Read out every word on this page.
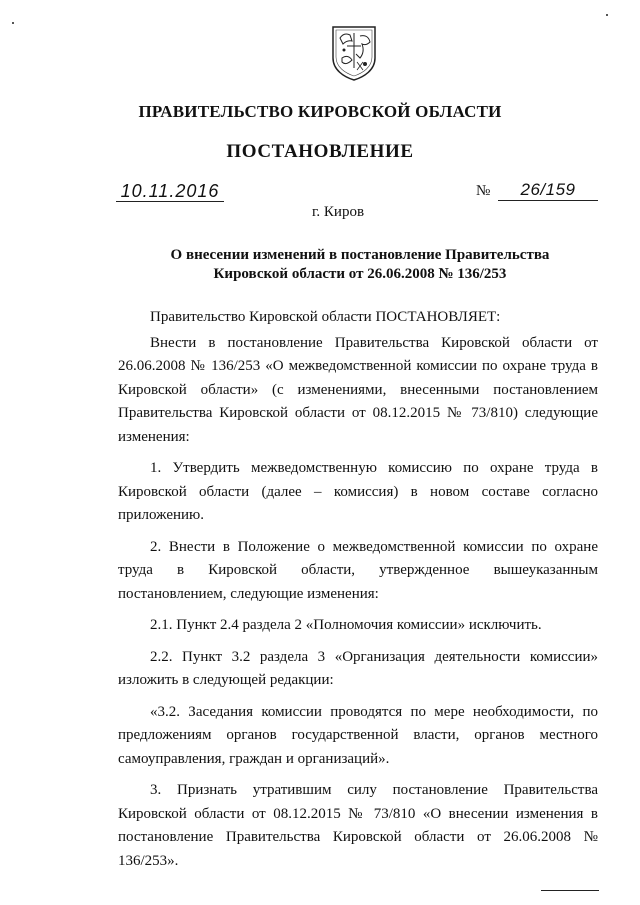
ПРАВИТЕЛЬСТВО КИРОВСКОЙ ОБЛАСТИ
ПОСТАНОВЛЕНИЕ
10.11.2016	№	26/159
г. Киров
О внесении изменений в постановление Правительства Кировской области от 26.06.2008 № 136/253

Правительство Кировской области ПОСТАНОВЛЯЕТ:

Внести в постановление Правительства Кировской области от 26.06.2008 № 136/253 «О межведомственной комиссии по охране труда в Кировской области» (с изменениями, внесенными постановлением Правительства Кировской области от 08.12.2015 № 73/810) следующие изменения:

1. Утвердить межведомственную комиссию по охране труда в Кировской области (далее – комиссия) в новом составе согласно приложению.

2. Внести в Положение о межведомственной комиссии по охране труда в Кировской области, утвержденное вышеуказанным постановлением, следующие изменения:

2.1. Пункт 2.4 раздела 2 «Полномочия комиссии» исключить.

2.2. Пункт 3.2 раздела 3 «Организация деятельности комиссии» изложить в следующей редакции:

«3.2. Заседания комиссии проводятся по мере необходимости, по предложениям органов государственной власти, органов местного самоуправления, граждан и организаций».

3. Признать утратившим силу постановление Правительства Кировской области от 08.12.2015 № 73/810 «О внесении изменения в постановление Правительства Кировской области от 26.06.2008 № 136/253».
